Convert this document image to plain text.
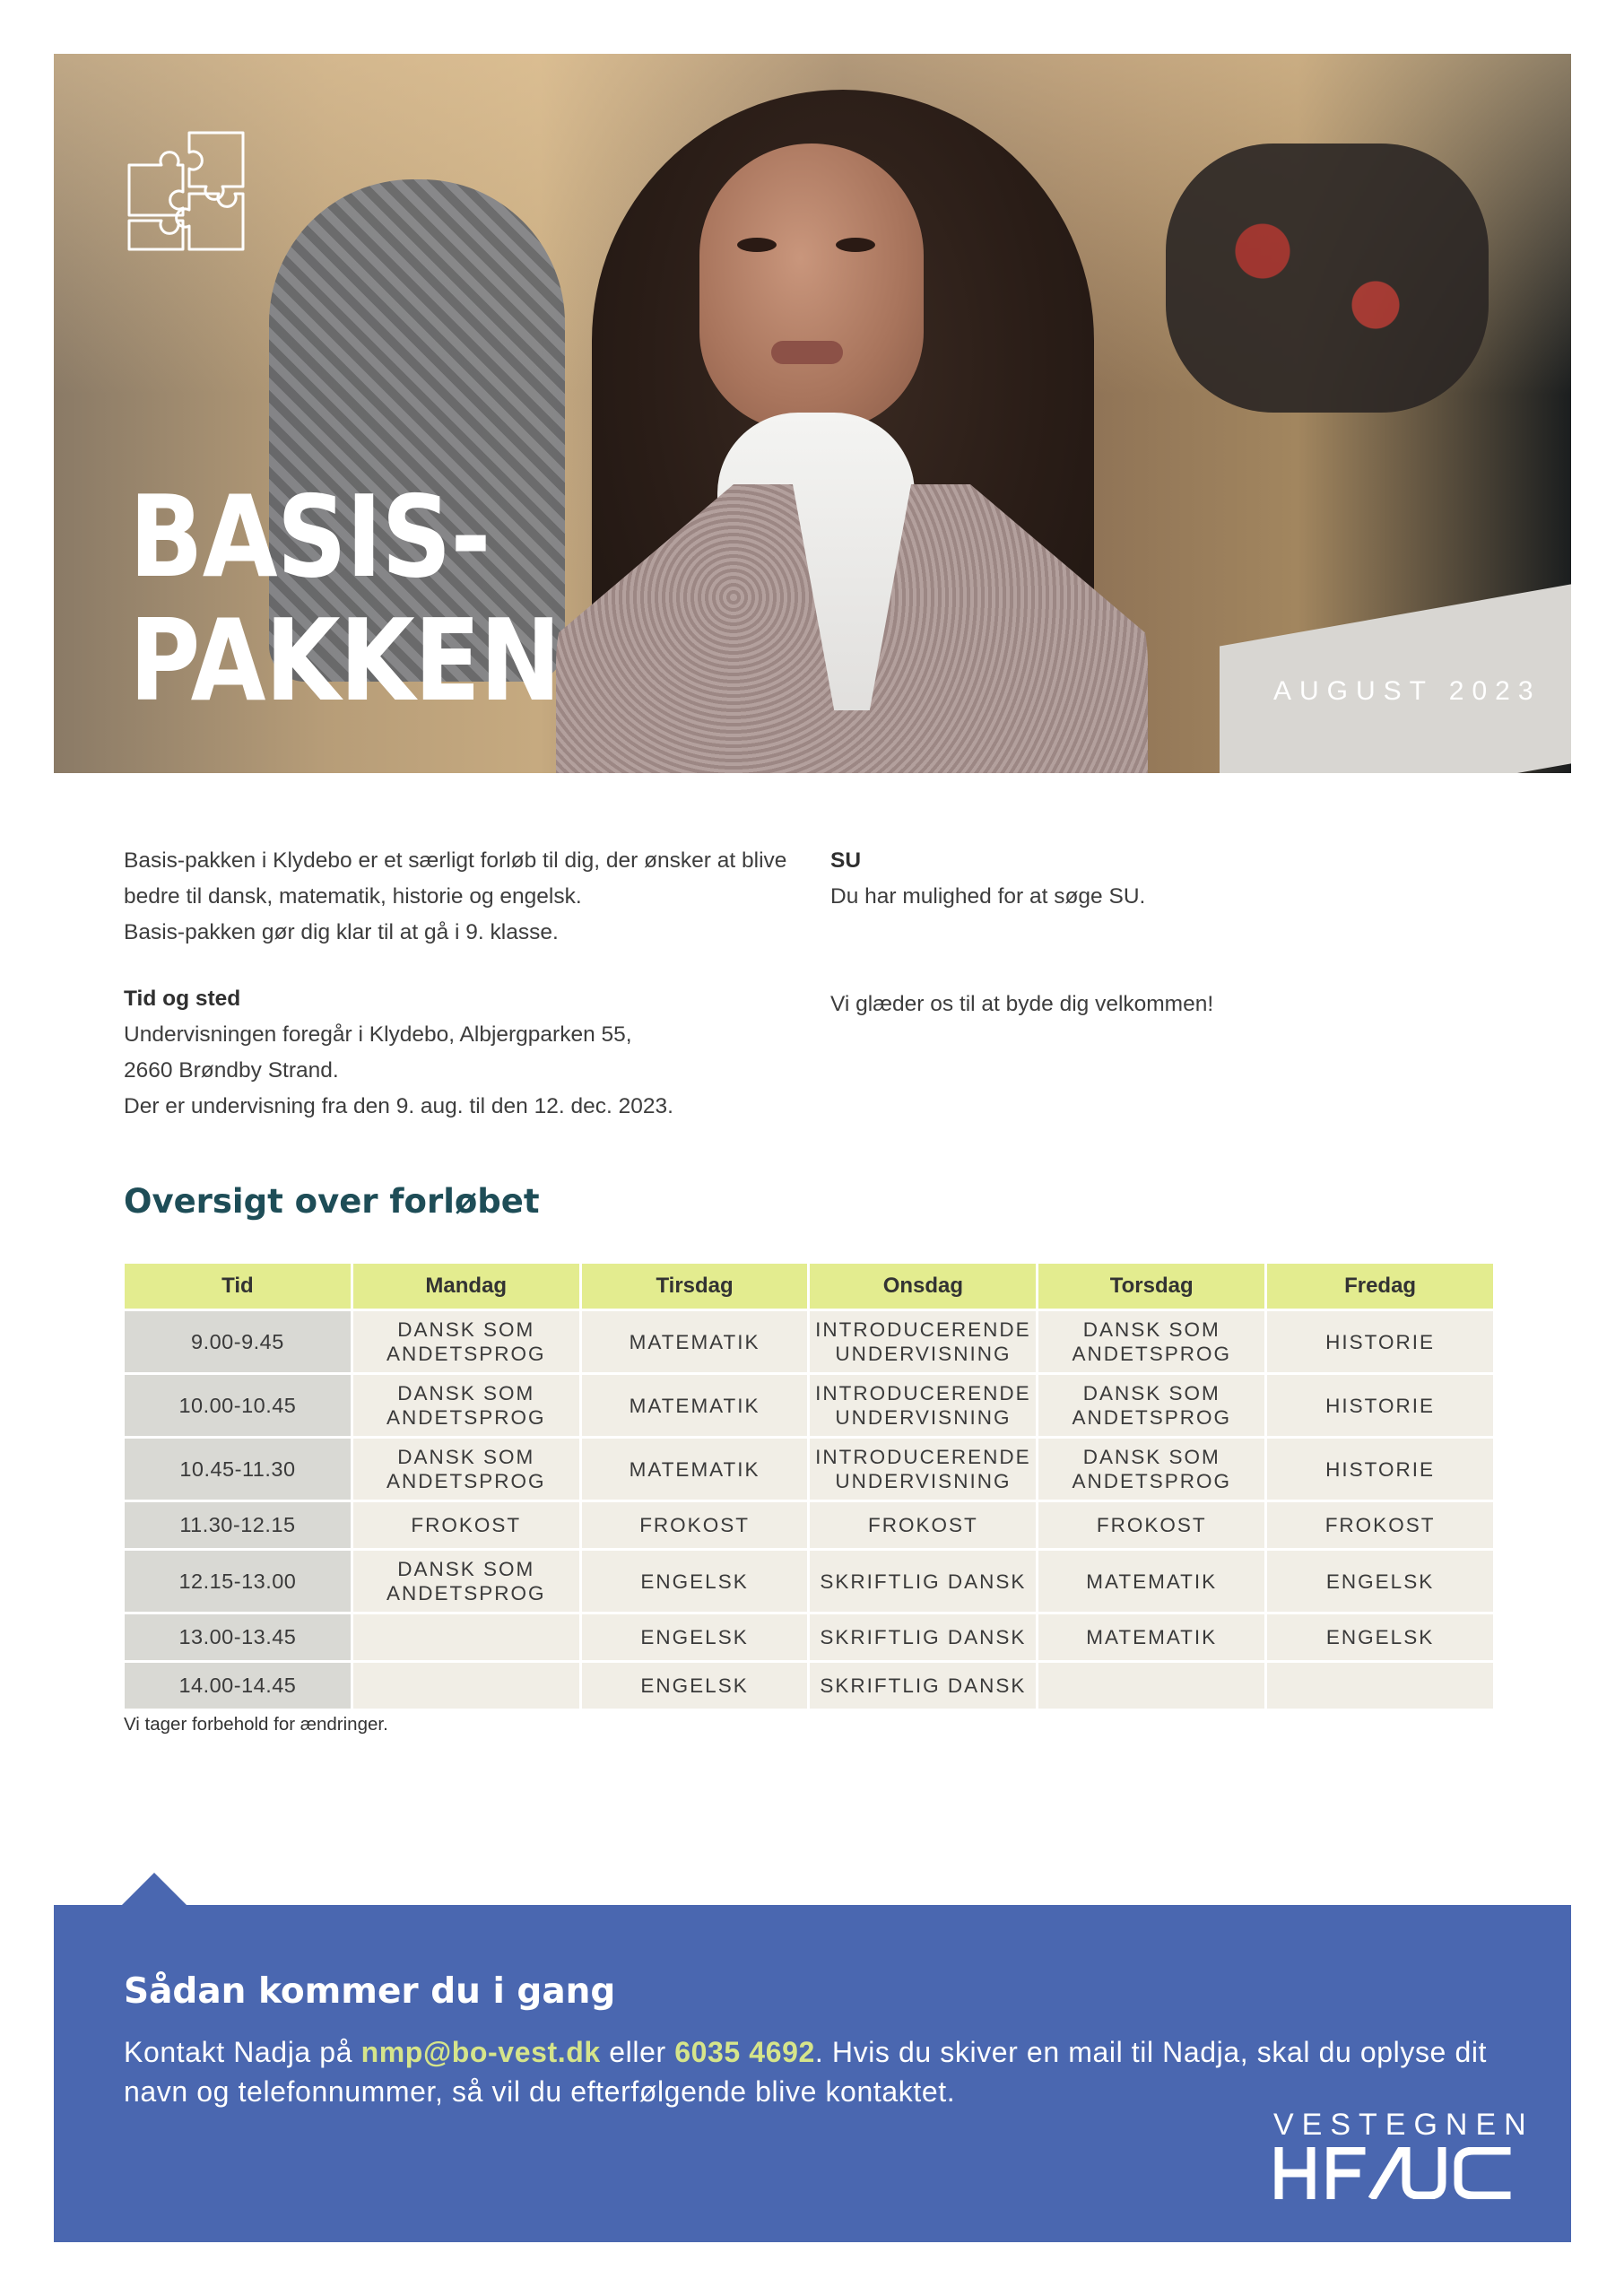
BASIS-
PAKKEN	AUGUST 2023

Basis-pakken i Klydebo er et særligt forløb til dig, der ønsker at blive bedre til dansk, matematik, historie og engelsk.

Basis-pakken gør dig klar til at gå i 9. klasse.

Tid og sted

Undervisningen foregår i Klydebo, Albjergparken 55,

2660 Brøndby Strand.

Der er undervisning fra den 9. aug. til den 12. dec. 2023.

SU

Du har mulighed for at søge SU.

Vi glæder os til at byde dig velkommen!

Oversigt over forløbet
Tid	Mandag	Tirsdag	Onsdag	Torsdag	Fredag
9.00-9.45	DANSK SOM ANDETSPROG	MATEMATIK	INTRODUCERENDE UNDERVISNING	DANSK SOM ANDETSPROG	HISTORIE
10.00-10.45	DANSK SOM ANDETSPROG	MATEMATIK	INTRODUCERENDE UNDERVISNING	DANSK SOM ANDETSPROG	HISTORIE
10.45-11.30	DANSK SOM ANDETSPROG	MATEMATIK	INTRODUCERENDE UNDERVISNING	DANSK SOM ANDETSPROG	HISTORIE
11.30-12.15	FROKOST	FROKOST	FROKOST	FROKOST	FROKOST
12.15-13.00	DANSK SOM ANDETSPROG	ENGELSK	SKRIFTLIG DANSK	MATEMATIK	ENGELSK
13.00-13.45		ENGELSK	SKRIFTLIG DANSK	MATEMATIK	ENGELSK
14.00-14.45		ENGELSK	SKRIFTLIG DANSK		

Vi tager forbehold for ændringer.

Sådan kommer du i gang

Kontakt Nadja på nmp@bo-vest.dk eller 6035 4692. Hvis du skiver en mail til Nadja, skal du oplyse dit navn og telefonnummer, så vil du efterfølgende blive kontaktet.

VESTEGNEN
